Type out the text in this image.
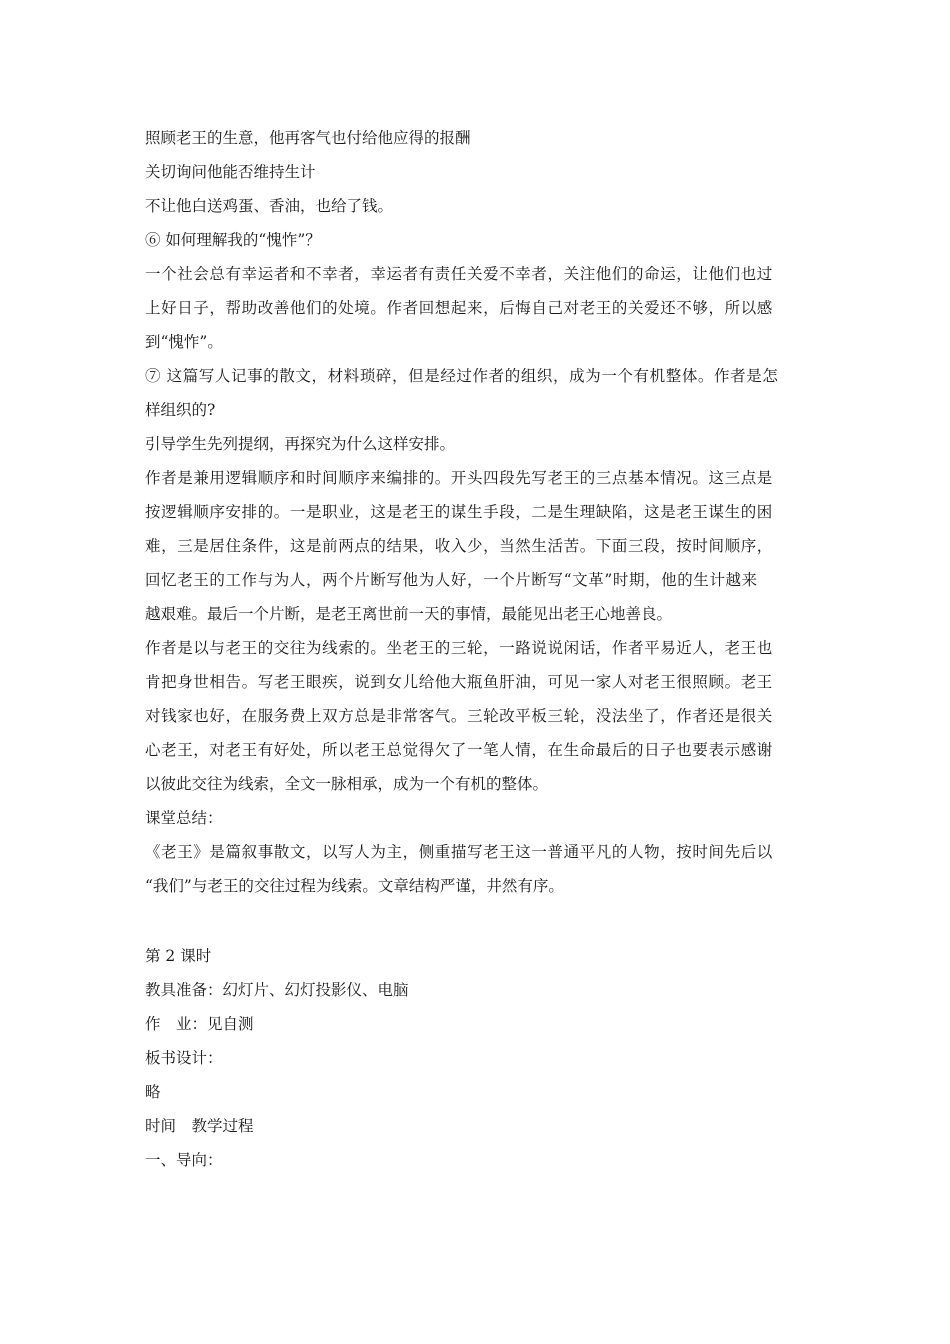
照顾老王的生意，他再客气也付给他应得的报酬
关切询问他能否维持生计
不让他白送鸡蛋、香油，也给了钱。
⑥ 如何理解我的“愧怍”？
一个社会总有幸运者和不幸者，幸运者有责任关爱不幸者，关注他们的命运，让他们也过
上好日子，帮助改善他们的处境。作者回想起来，后悔自己对老王的关爱还不够，所以感
到“愧怍”。
⑦ 这篇写人记事的散文，材料琐碎，但是经过作者的组织，成为一个有机整体。作者是怎
样组织的?
引导学生先列提纲，再探究为什么这样安排。
作者是兼用逻辑顺序和时间顺序来编排的。开头四段先写老王的三点基本情况。这三点是
按逻辑顺序安排的。一是职业，这是老王的谋生手段，二是生理缺陷，这是老王谋生的困
难，三是居住条件，这是前两点的结果，收入少，当然生活苦。下面三段，按时间顺序，
回忆老王的工作与为人，两个片断写他为人好，一个片断写“文革”时期，他的生计越来
越艰难。最后一个片断，是老王离世前一天的事情，最能见出老王心地善良。
作者是以与老王的交往为线索的。坐老王的三轮，一路说说闲话，作者平易近人，老王也
肯把身世相告。写老王眼疾，说到女儿给他大瓶鱼肝油，可见一家人对老王很照顾。老王
对钱家也好，在服务费上双方总是非常客气。三轮改平板三轮，没法坐了，作者还是很关
心老王，对老王有好处，所以老王总觉得欠了一笔人情，在生命最后的日子也要表示感谢
以彼此交往为线索，全文一脉相承，成为一个有机的整体。
课堂总结：
《老王》是篇叙事散文，以写人为主，侧重描写老王这一普通平凡的人物，按时间先后以
“我们”与老王的交往过程为线索。文章结构严谨，井然有序。
第 2 课时
教具准备：幻灯片、幻灯投影仪、电脑
作　业：见自测
板书设计：
略
时间　教学过程
一、导向：
